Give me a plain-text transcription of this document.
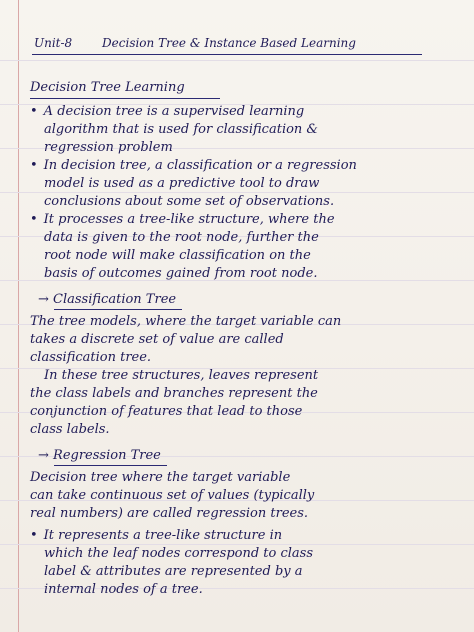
Unit-8 Decision Tree & Instance Based Learning
Decision Tree Learning
• A decision tree is a supervised learning
algorithm that is used for classification &
regression problem
• In decision tree, a classification or a regression
model is used as a predictive tool to draw
conclusions about some set of observations.
• It processes a tree-like structure, where the
data is given to the root node, further the
root node will make classification on the
basis of outcomes gained from root node.
→ Classification Tree
The tree models, where the target variable can
takes a discrete set of value are called
classification tree.
In these tree structures, leaves represent
the class labels and branches represent the
conjunction of features that lead to those
class labels.
→ Regression Tree
Decision tree where the target variable
can take continuous set of values (typically
real numbers) are called regression trees.
• It represents a tree-like structure in
which the leaf nodes correspond to class
label & attributes are represented by a
internal nodes of a tree.
